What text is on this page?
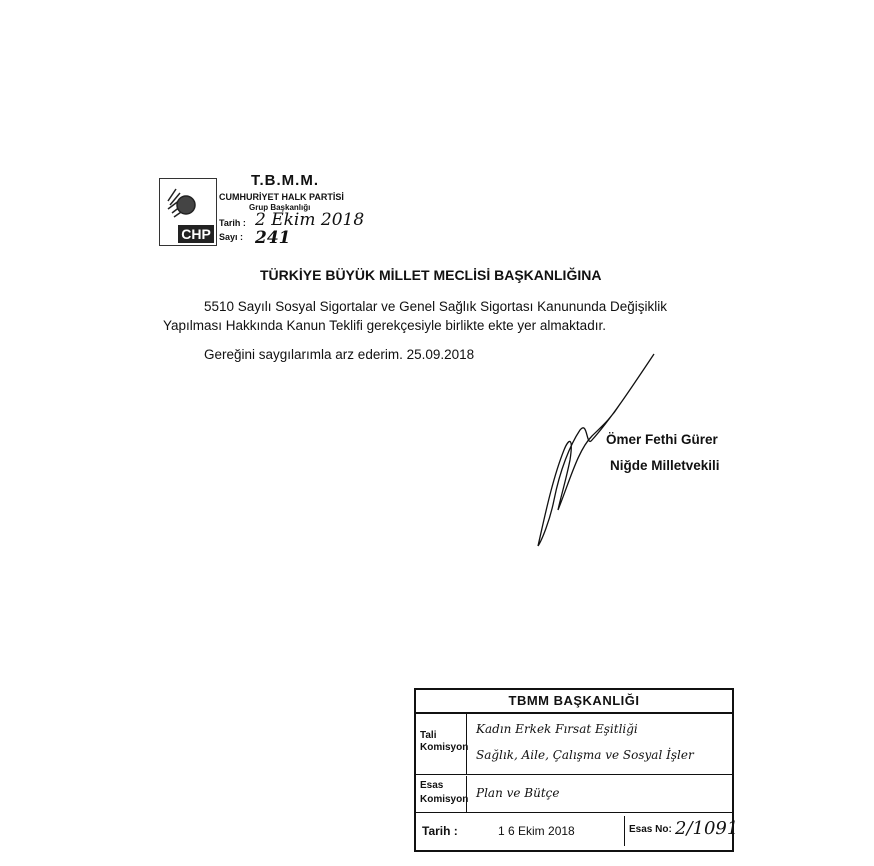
CHP
T.B.M.M.
CUMHURİYET HALK PARTİSİ
Grup Başkanlığı
Tarih :
Sayı :
2 Ekim 2018
241
TÜRKİYE BÜYÜK MİLLET MECLİSİ BAŞKANLIĞINA
5510 Sayılı Sosyal Sigortalar ve Genel Sağlık Sigortası Kanununda Değişiklik
Yapılması Hakkında Kanun Teklifi gerekçesiyle birlikte ekte yer almaktadır.
Gereğini saygılarımla arz ederim. 25.09.2018
Ömer Fethi Gürer
Niğde Milletvekili
TBMM BAŞKANLIĞI
Tali
Komisyon
Kadın Erkek Fırsat Eşitliği
Sağlık, Aile, Çalışma ve Sosyal İşler
Esas
Komisyon Plan ve Bütçe
Tarih :	1 6 Ekim 2018	Esas No: 2/1091
